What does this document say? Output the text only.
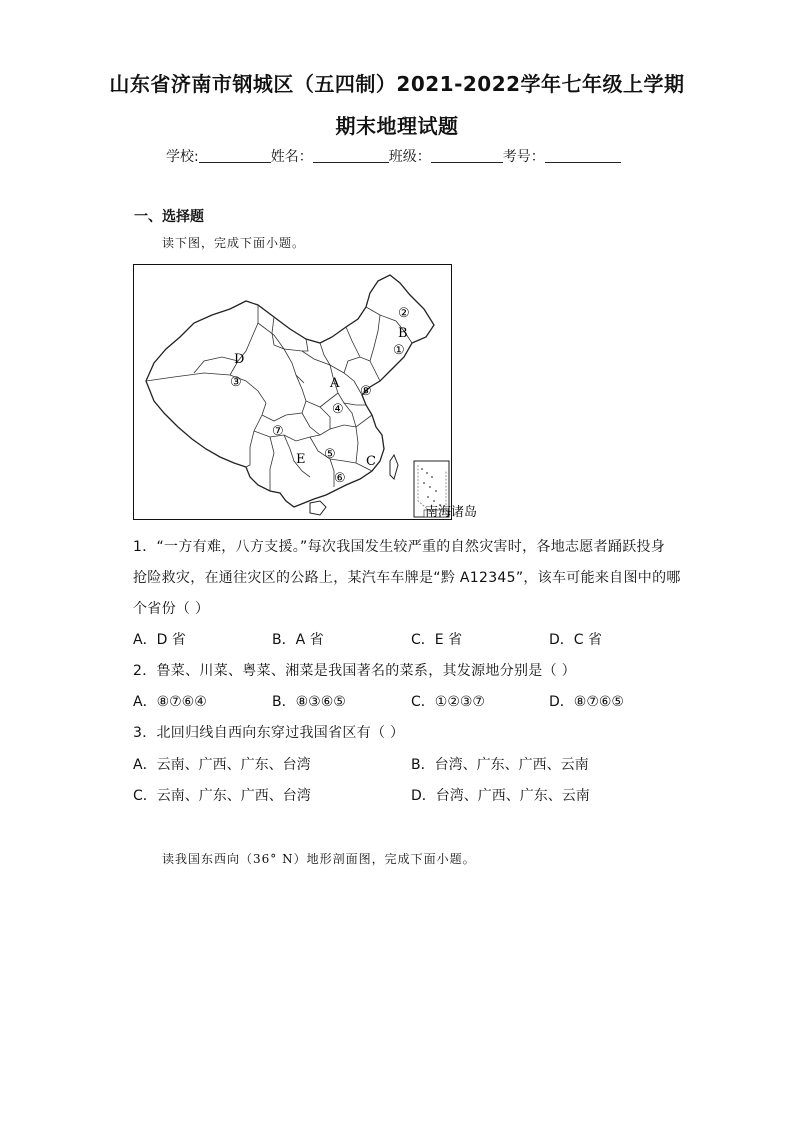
山东省济南市钢城区（五四制）2021-2022学年七年级上学期
期末地理试题
学校:	姓名：	班级：	考号：
一、选择题
读下图，完成下面小题。
南海诸岛
B
D
A
C
E
②
①
⑧
③
④
⑦
⑤
⑥
1．“一方有难，八方支援。”每次我国发生较严重的自然灾害时，各地志愿者踊跃投身
抢险救灾，在通往灾区的公路上，某汽车车牌是“黔 A12345”，该车可能来自图中的哪
个省份（ ）
A．D 省	B．A 省	C．E 省	D．C 省
2．鲁菜、川菜、粤菜、湘菜是我国著名的菜系，其发源地分别是（ ）
A．⑧⑦⑥④	B．⑧③⑥⑤	C．①②③⑦	D．⑧⑦⑥⑤
3．北回归线自西向东穿过我国省区有（ ）
A．云南、广西、广东、台湾	B．台湾、广东、广西、云南
C．云南、广东、广西、台湾	D．台湾、广西、广东、云南
读我国东西向（36° N）地形剖面图，完成下面小题。
